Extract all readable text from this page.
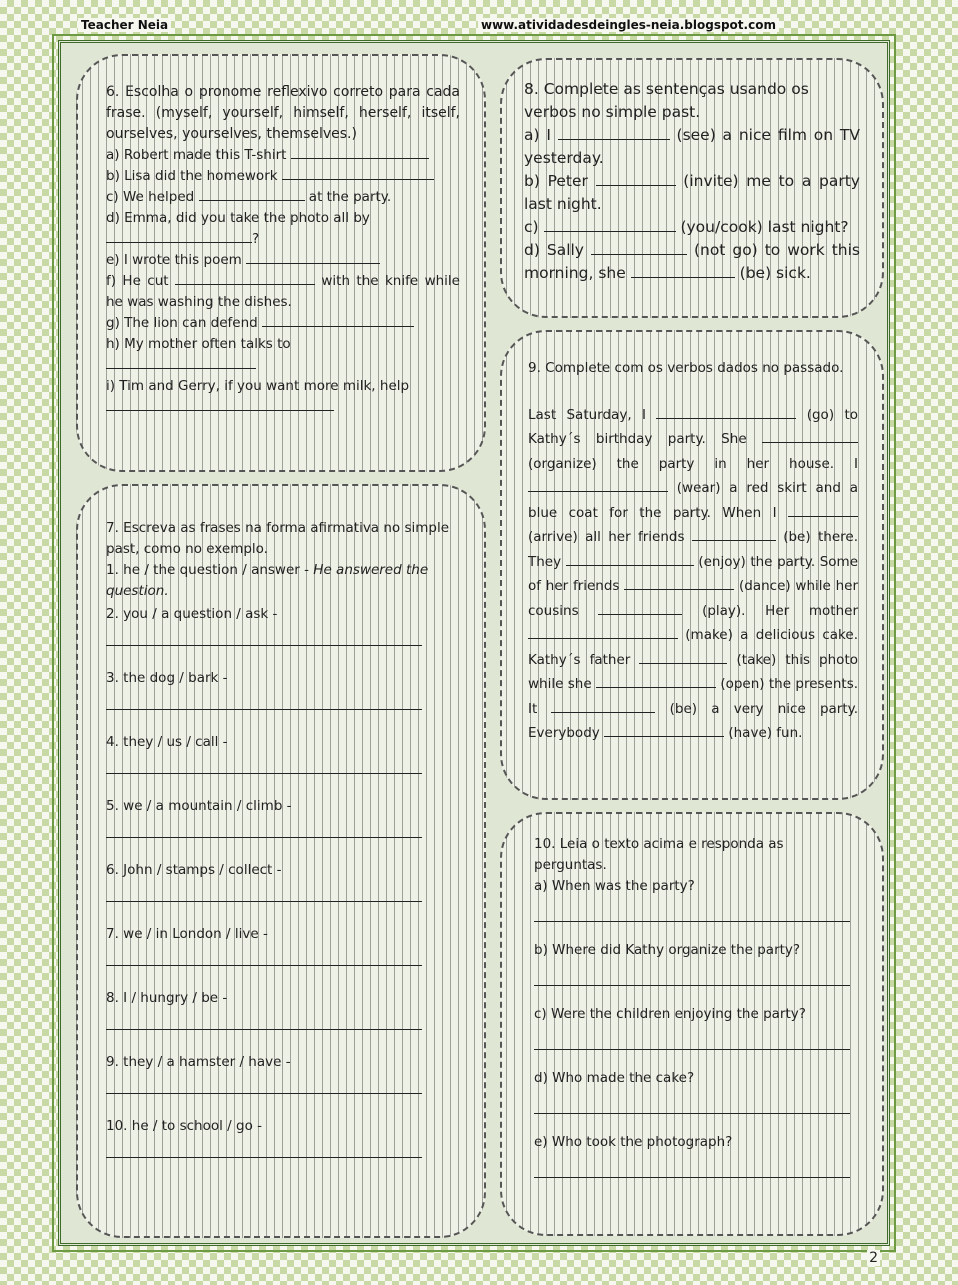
Teacher Neia	www.atividadesdeingles-neia.blogspot.com

6. Escolha o pronome reflexivo correto para cada frase. (myself, yourself, himself, herself, itself, ourselves, yourselves, themselves.)

a) Robert made this T-shirt

b) Lisa did the homework

c) We helped	at the party.

d) Emma, did you take the photo all by

?

e) I wrote this poem

f) He cut	with the knife while he was washing the dishes.

g) The lion can defend

h) My mother often talks to

i) Tim and Gerry, if you want more milk, help

7. Escreva as frases na forma afirmativa no simple past, como no exemplo.

1. he / the question / answer - He answered the question.

2. you / a question / ask -

3. the dog / bark -

4. they / us / call -

5. we / a mountain / climb -

6. John / stamps / collect -

7. we / in London / live -

8. I / hungry / be -

9. they / a hamster / have -

10. he / to school / go -

8. Complete as sentenças usando os verbos no simple past.

a) I	(see) a nice film on TV yesterday.

b) Peter	(invite) me to a party last night.

c)	(you/cook) last night?

d) Sally	(not go) to work this morning, she	(be) sick.

9. Complete com os verbos dados no passado.

Last Saturday, I	(go) to Kathy´s birthday party. She  (organize) the party in her house. I  (wear) a red skirt and a blue coat for the party. When I  (arrive) all her friends	(be) there. They	(enjoy) the party. Some of her friends	(dance) while her cousins	(play). Her mother  (make) a delicious cake. Kathy´s father	(take) this photo while she	(open) the presents. It	(be) a very nice party. Everybody	(have) fun.

10. Leia o texto acima e responda as perguntas.

a) When was the party?

b) Where did Kathy organize the party?

c) Were the children enjoying the party?

d) Who made the cake?

e) Who took the photograph?

2
